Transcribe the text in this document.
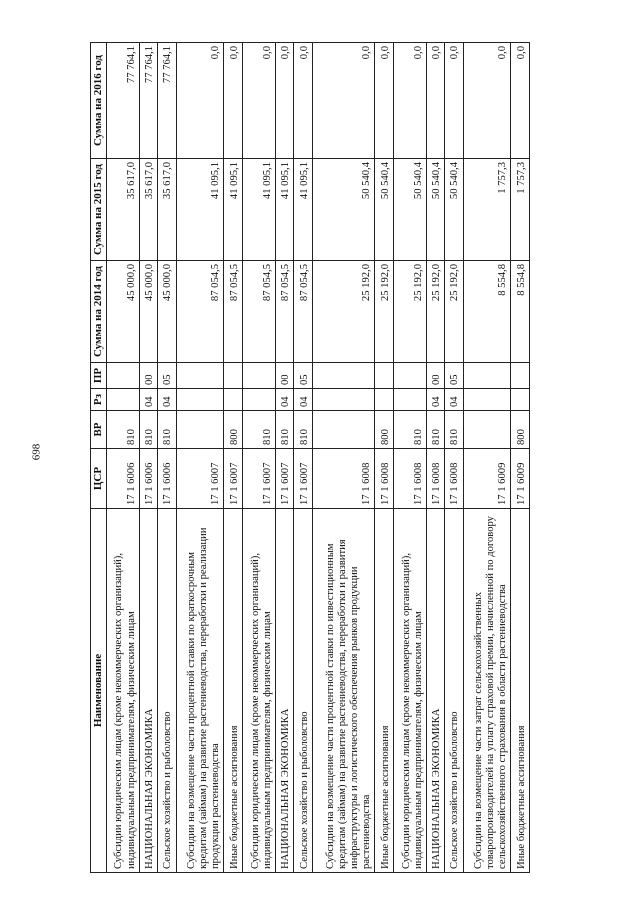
698
Наименование	ЦСР	ВР	Рз	ПР	Сумма на 2014 год	Сумма на 2015 год	Сумма на 2016 год
Субсидии юридическим лицам (кроме некоммерческих организаций), индивидуальным предпринимателям, физическим лицам	17 1 6006	810			45 000,0	35 617,0	77 764,1
НАЦИОНАЛЬНАЯ ЭКОНОМИКА	17 1 6006	810	04	00	45 000,0	35 617,0	77 764,1
Сельское хозяйство и рыболовство	17 1 6006	810	04	05	45 000,0	35 617,0	77 764,1
Субсидии на возмещение части процентной ставки по краткосрочным кредитам (займам) на развитие растениеводства, переработки и реализации продукции растениеводства	17 1 6007				87 054,5	41 095,1	0,0
Иные бюджетные ассигнования	17 1 6007	800			87 054,5	41 095,1	0,0
Субсидии юридическим лицам (кроме некоммерческих организаций), индивидуальным предпринимателям, физическим лицам	17 1 6007	810			87 054,5	41 095,1	0,0
НАЦИОНАЛЬНАЯ ЭКОНОМИКА	17 1 6007	810	04	00	87 054,5	41 095,1	0,0
Сельское хозяйство и рыболовство	17 1 6007	810	04	05	87 054,5	41 095,1	0,0
Субсидии на возмещение части процентной ставки по инвестиционным кредитам (займам) на развитие растениеводства, переработки и развития инфраструктуры и логистического обеспечения рынков продукции растениеводства	17 1 6008				25 192,0	50 540,4	0,0
Иные бюджетные ассигнования	17 1 6008	800			25 192,0	50 540,4	0,0
Субсидии юридическим лицам (кроме некоммерческих организаций), индивидуальным предпринимателям, физическим лицам	17 1 6008	810			25 192,0	50 540,4	0,0
НАЦИОНАЛЬНАЯ ЭКОНОМИКА	17 1 6008	810	04	00	25 192,0	50 540,4	0,0
Сельское хозяйство и рыболовство	17 1 6008	810	04	05	25 192,0	50 540,4	0,0
Субсидии на возмещение части затрат сельскохозяйственных товаропроизводителей на уплату страховой премии, начисленной по договору сельскохозяйственного страхования в области растениеводства	17 1 6009				8 554,8	1 757,3	0,0
Иные бюджетные ассигнования	17 1 6009	800			8 554,8	1 757,3	0,0
